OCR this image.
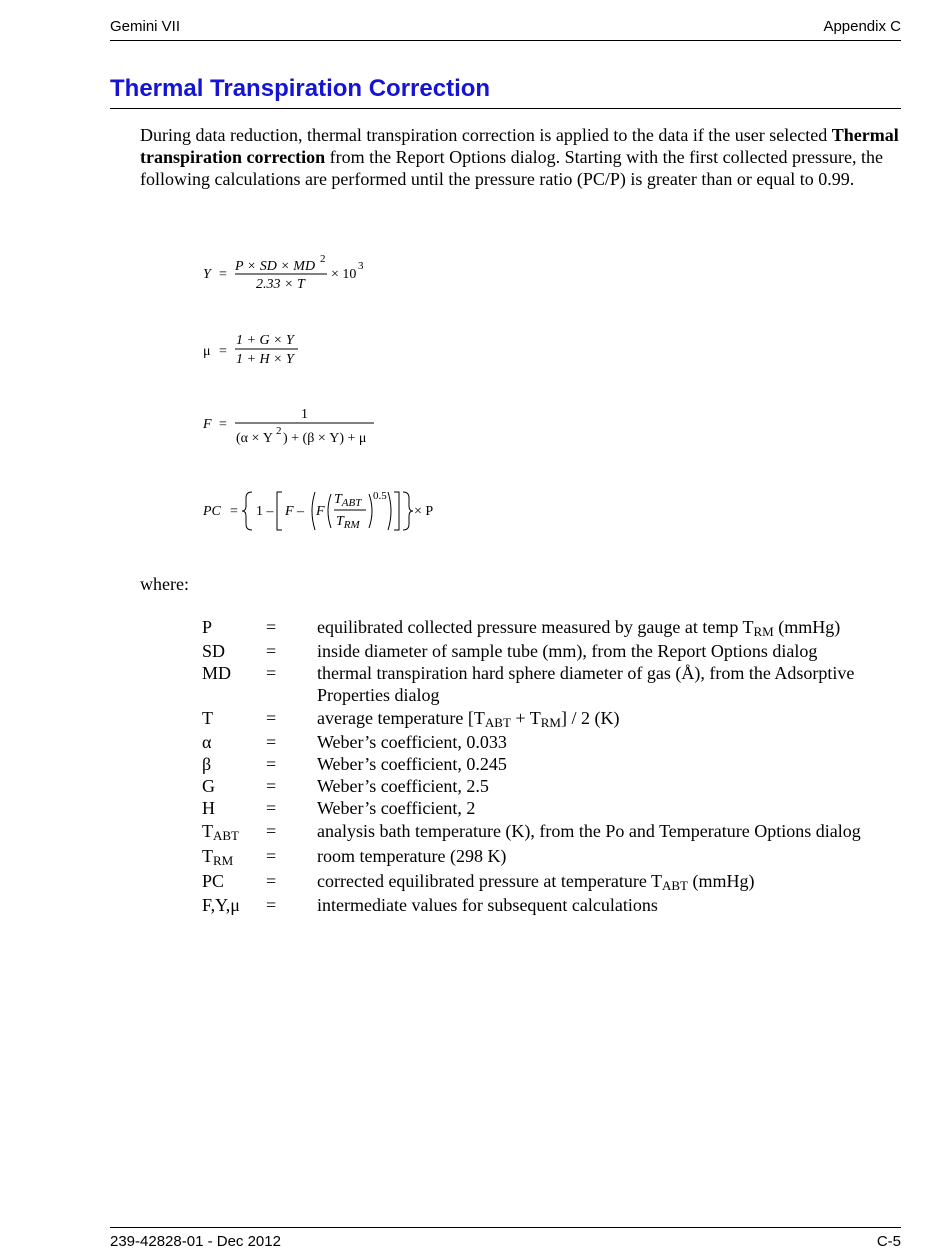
Gemini VII	Appendix C
Thermal Transpiration Correction

During data reduction, thermal transpiration correction is applied to the data if the user selected Thermal transpiration correction from the Report Options dialog. Starting with the first collected pressure, the following calculations are performed until the pressure ratio (PC/P) is greater than or equal to 0.99.

Y =
P × SD × MD 2
2.33 × T
× 10
3
μ =
1 + G × Y
1 + H × Y
F =
1
(α × Y 2 ) + (β × Y) + μ
PC = 1 – F – F
$T_{ABT}$
$T_{RM}$
0.5
× P
where:
P	=	equilibrated collected pressure measured by gauge at temp $T_{RM}$ (mmHg)
SD	=	inside diameter of sample tube (mm), from the Report Options dialog
MD	=	thermal transpiration hard sphere diameter of gas (Å), from the Adsorptive Properties dialog
T	=	average temperature $[T_{ABT} + T_{RM}] / 2$ (K)
α	=	Weber’s coefficient, 0.033
β	=	Weber’s coefficient, 0.245
G	=	Weber’s coefficient, 2.5
H	=	Weber’s coefficient, 2
$T_{ABT}$	=	analysis bath temperature (K), from the Po and Temperature Options dialog
$T_{RM}$	=	room temperature (298 K)
PC	=	corrected equilibrated pressure at temperature $T_{ABT}$ (mmHg)
F,Y,μ	=	intermediate values for subsequent calculations
239-42828-01 - Dec 2012	C-5
